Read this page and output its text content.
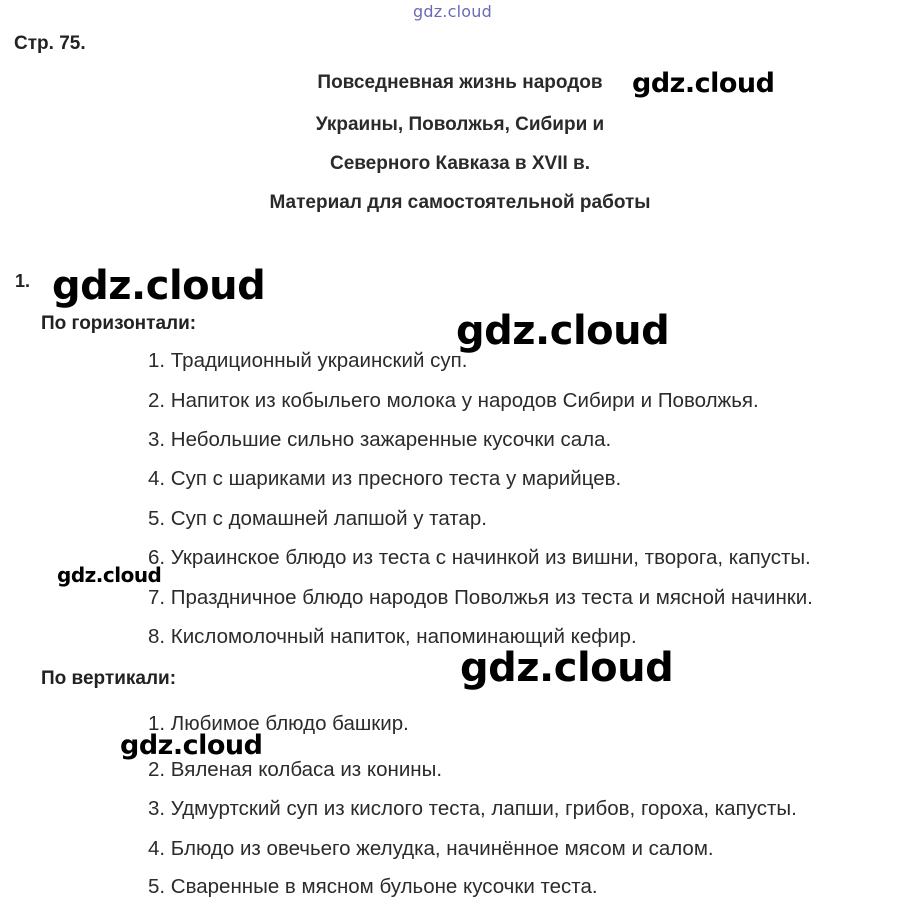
gdz.cloud
Стр. 75.
Повседневная жизнь народов
Украины, Поволжья, Сибири и
Северного Кавказа в XVII в.
Материал для самостоятельной работы
1.
По горизонтали:
1. Традиционный украинский суп.
2. Напиток из кобыльего молока у народов Сибири и Поволжья.
3. Небольшие сильно зажаренные кусочки сала.
4. Суп с шариками из пресного теста у марийцев.
5. Суп с домашней лапшой у татар.
6. Украинское блюдо из теста с начинкой из вишни, творога, капусты.
7. Праздничное блюдо народов Поволжья из теста и мясной начинки.
8. Кисломолочный напиток, напоминающий кефир.
По вертикали:
1. Любимое блюдо башкир.
2. Вяленая колбаса из конины.
3. Удмуртский суп из кислого теста, лапши, грибов, гороха, капусты.
4. Блюдо из овечьего желудка, начинённое мясом и салом.
5. Сваренные в мясном бульоне кусочки теста.
gdz.cloud
gdz.cloud
gdz.cloud
gdz.cloud
gdz.cloud
gdz.cloud
